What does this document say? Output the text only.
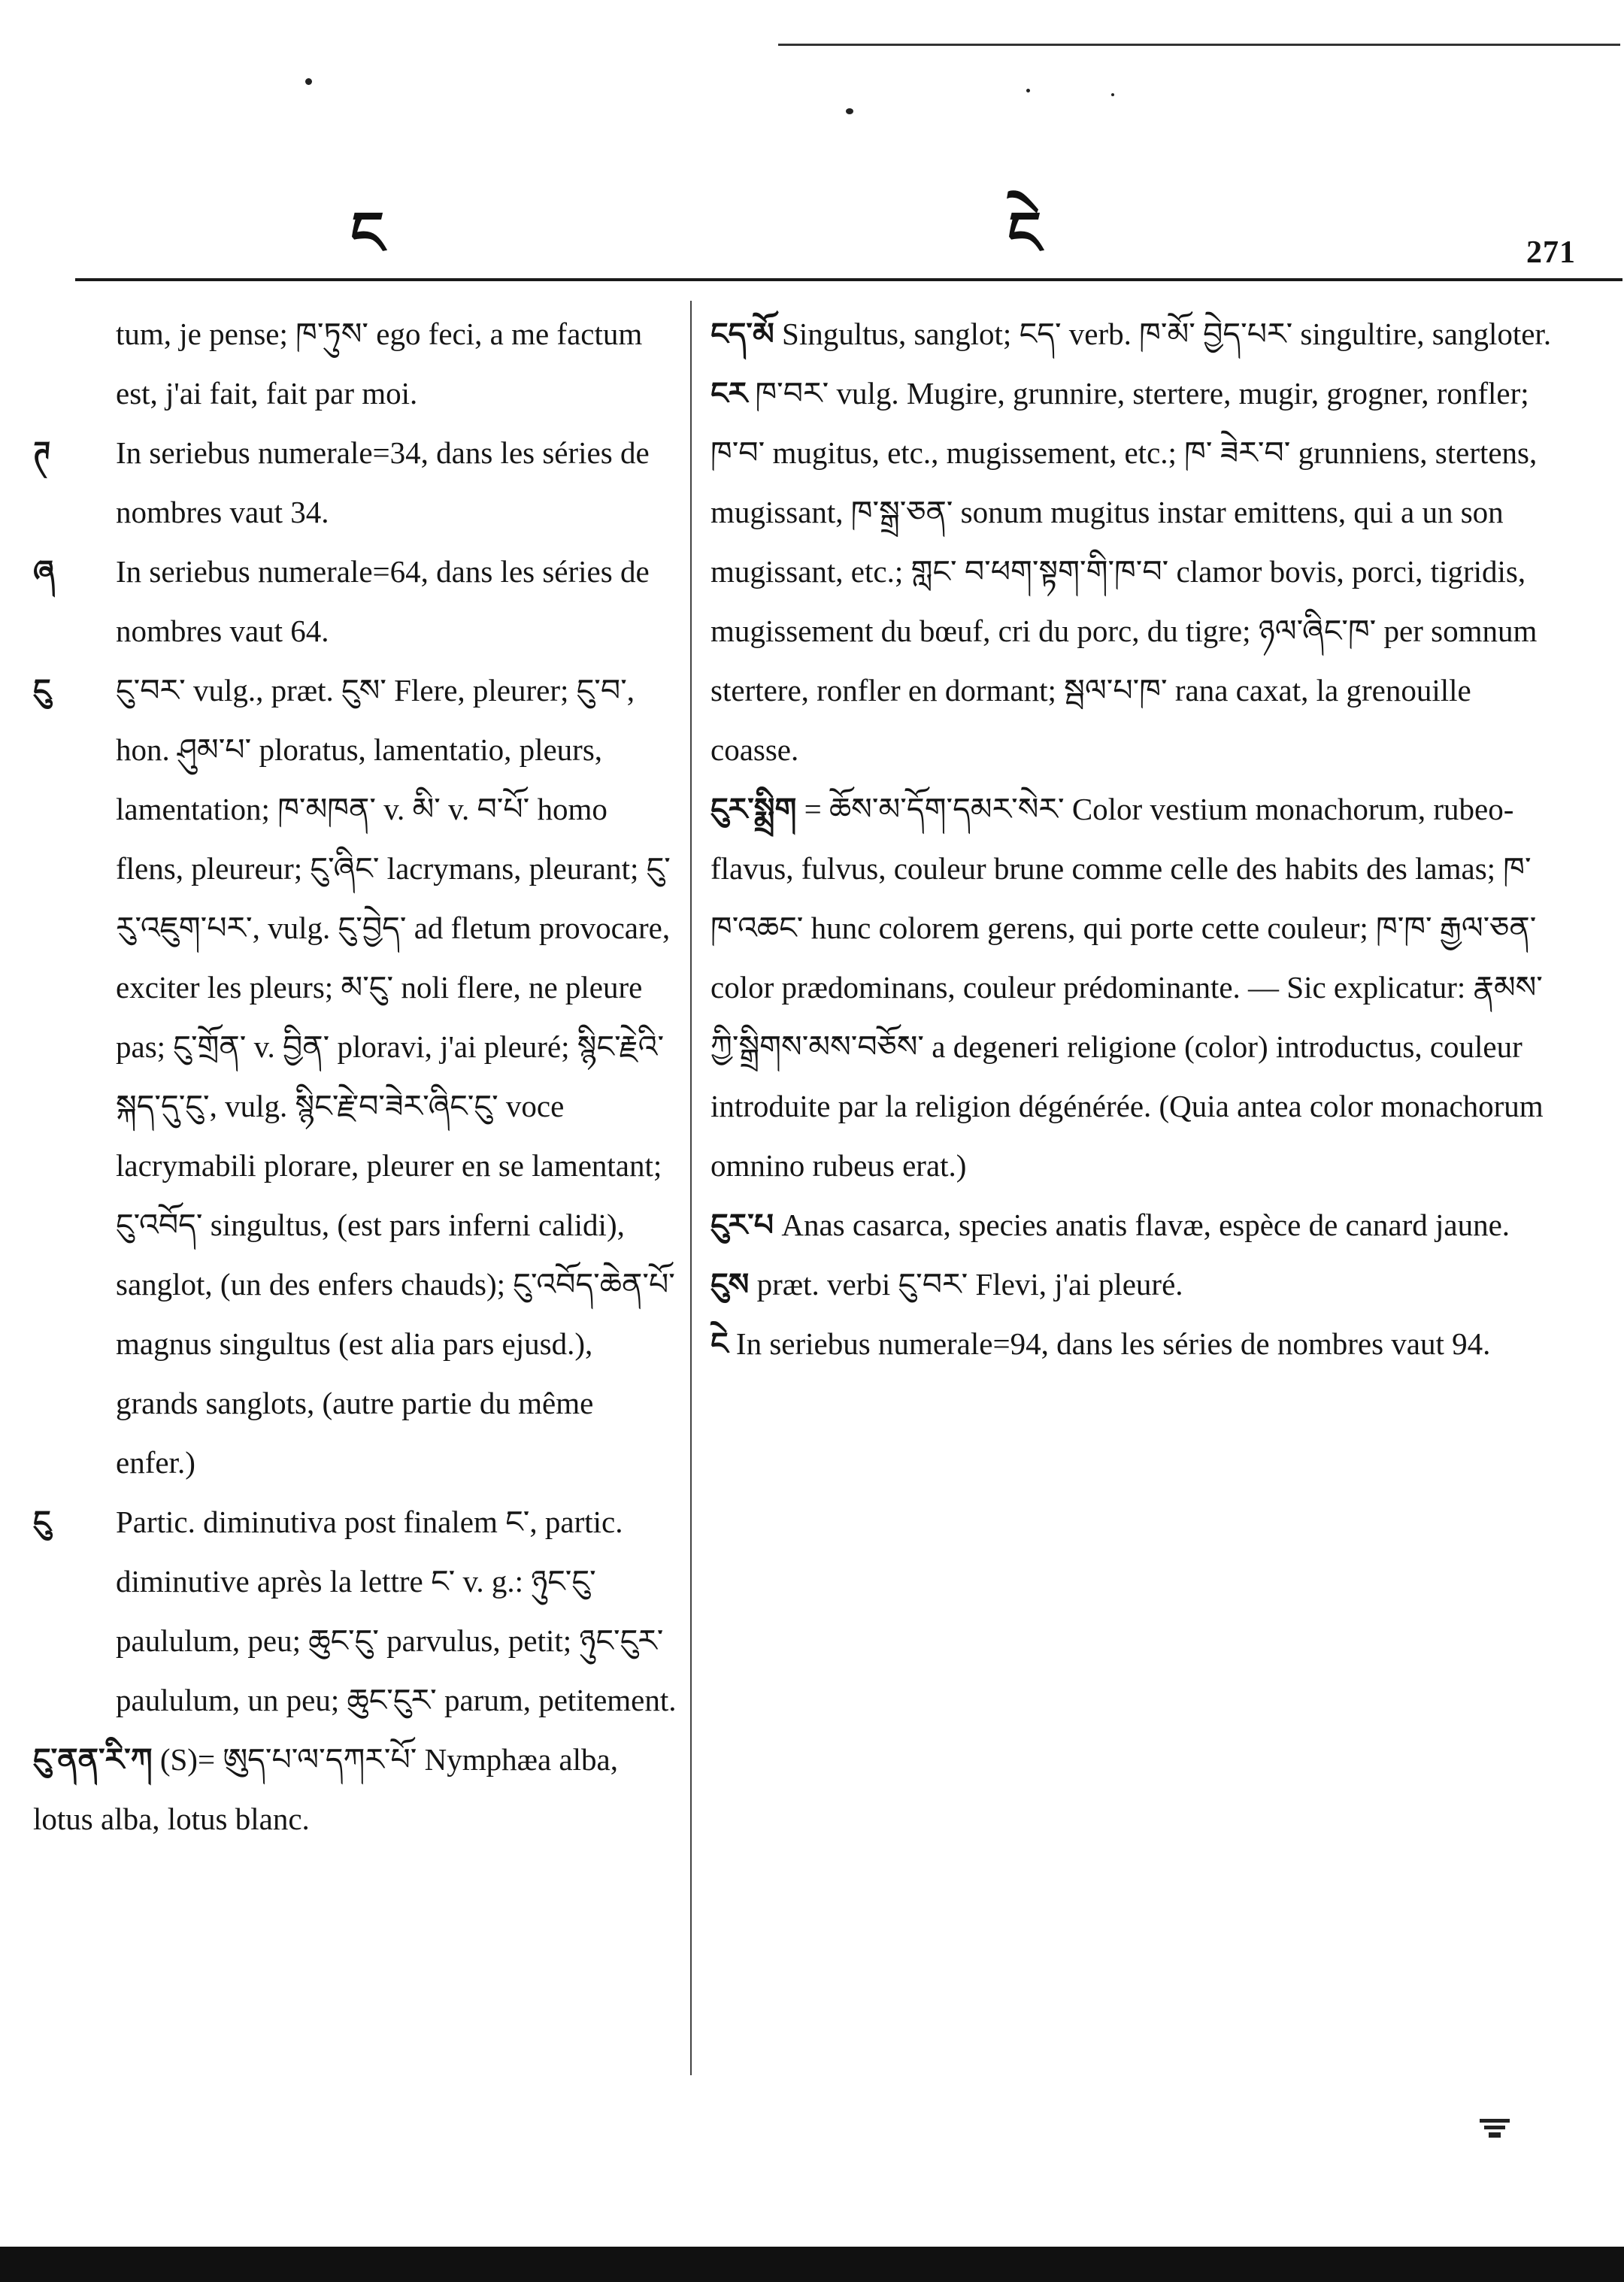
ང	ངེ	271
tum, je pense; ཁ་ཏུས་ ego feci, a me factum est, j'ai fait, fait par moi.
ཊ In seriebus numerale=34, dans les séries de nombres vaut 34.
ཞ In seriebus numerale=64, dans les séries de nombres vaut 64.
ངུ ངུ་བར་ vulg., præt. ངུས་ Flere, pleurer; ངུ་བ་, hon. ཤུམ་པ་ ploratus, lamentatio, pleurs, lamentation; ཁ་མཁན་ v. མི་ v. བ་པོ་ homo flens, pleureur; ངུ་ཞིང་ lacrymans, pleurant; ངུ་རུ་འཇུག་པར་, vulg. ངུ་བྱེད་ ad fletum provocare, exciter les pleurs; མ་ངུ་ noli flere, ne pleure pas; ངུ་གྲོན་ v. བྱིན་ ploravi, j'ai pleuré; སྙིང་རྗེའི་སྐད་དུ་ངུ་, vulg. སྙིང་རྗེ་བ་ཟེར་ཞིང་ངུ་ voce lacrymabili plorare, pleurer en se lamentant; ངུ་འབོད་ singultus, (est pars inferni calidi), sanglot, (un des enfers chauds); ངུ་འབོད་ཆེན་པོ་ magnus singultus (est alia pars ejusd.), grands sanglots, (autre partie du même enfer.)
ངུ Partic. diminutiva post finalem ང་, partic. diminutive après la lettre ང་ v. g.: ཉུང་ངུ་ paululum, peu; ཆུང་ངུ་ parvulus, petit; ཉུང་ངུར་ paululum, un peu; ཆུང་ངུར་ parum, petitement.
ངུ་ནན་རི་ཀ (S)= ཨུད་པ་ལ་དཀར་པོ་ Nymphæa alba, lotus alba, lotus blanc.
ངད་མོ Singultus, sanglot; ངད་ verb. ཁ་མོ་ བྱེད་པར་ singultire, sangloter.
ངར ཁ་བར་ vulg. Mugire, grunnire, stertere, mugir, grogner, ronfler; ཁ་བ་ mugitus, etc., mugissement, etc.; ཁ་ ཟེར་བ་ grunniens, stertens, mugissant, ཁ་སྒྲ་ཅན་ sonum mugitus instar emittens, qui a un son mugissant, etc.; གླང་ བ་ཕག་སྟག་གི་ཁ་བ་ clamor bovis, porci, tigridis, mugissement du bœuf, cri du porc, du tigre; ཉལ་ཞིང་ཁ་ per somnum stertere, ronfler en dormant; སྦལ་པ་ཁ་ rana caxat, la grenouille coasse.
ངུར་སྨྲིག = ཆོས་མ་དོག་དམར་སེར་ Color vestium monachorum, rubeo-flavus, fulvus, couleur brune comme celle des habits des lamas; ཁ་ཁ་འཆང་ hunc colorem gerens, qui porte cette couleur; ཁ་ཁ་ རྒྱལ་ཅན་ color prædominans, couleur prédominante. — Sic explicatur: རྣམས་ ཀྱི་སྒྲིགས་མས་བཅོས་ a degeneri religione (color) introductus, couleur introduite par la religion dégénérée. (Quia antea color monachorum omnino rubeus erat.)
ངུར་པ Anas casarca, species anatis flavæ, espèce de canard jaune.
ངུས præt. verbi ངུ་བར་ Flevi, j'ai pleuré.
ངེ In seriebus numerale=94, dans les séries de nombres vaut 94.
